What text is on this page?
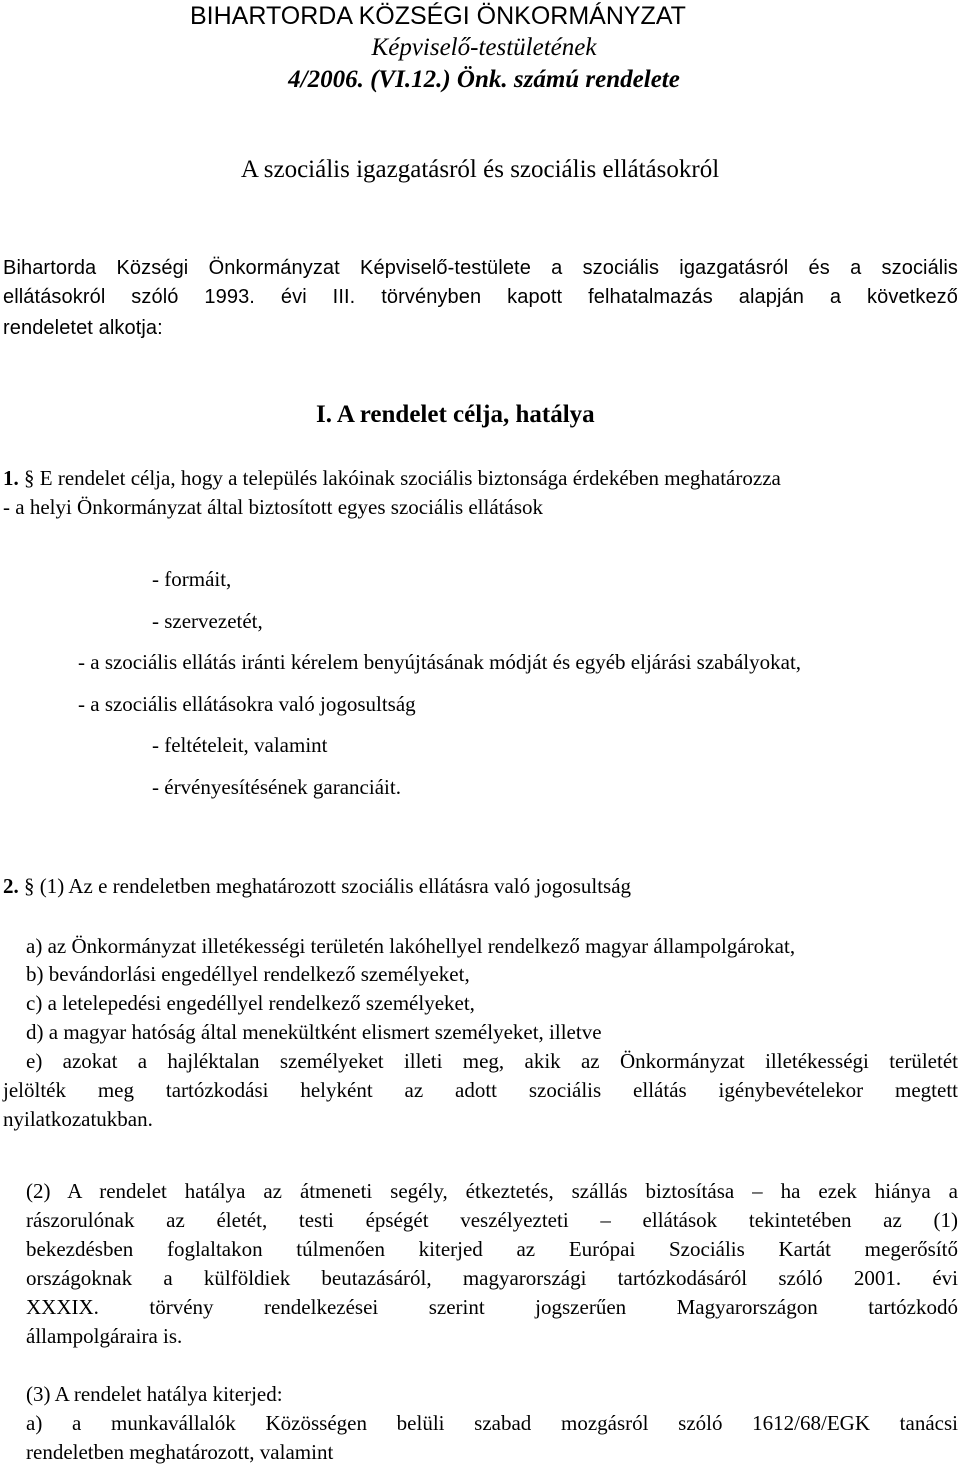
BIHARTORDA KÖZSÉGI ÖNKORMÁNYZAT
Képviselő-testületének
4/2006. (VI.12.) Önk. számú rendelete
A szociális igazgatásról és szociális ellátásokról
Bihartorda Községi Önkormányzat Képviselő-testülete a szociális igazgatásról és a szociális
ellátásokról szóló 1993. évi III. törvényben kapott felhatalmazás alapján a következő
rendeletet alkotja:
I. A rendelet célja, hatálya
1. § E rendelet célja, hogy a település lakóinak szociális biztonsága érdekében meghatározza
- a helyi Önkormányzat által biztosított egyes szociális ellátások
- formáit,
- szervezetét,
- a szociális ellátás iránti kérelem benyújtásának módját és egyéb eljárási szabályokat,
- a szociális ellátásokra való jogosultság
- feltételeit, valamint
- érvényesítésének garanciáit.
2. § (1) Az e rendeletben meghatározott szociális ellátásra való jogosultság
a) az Önkormányzat illetékességi területén lakóhellyel rendelkező magyar állampolgárokat,
b) bevándorlási engedéllyel rendelkező személyeket,
c) a letelepedési engedéllyel rendelkező személyeket,
d) a magyar hatóság által menekültként elismert személyeket, illetve
e) azokat a hajléktalan személyeket illeti meg, akik az Önkormányzat illetékességi területét
jelölték meg tartózkodási helyként az adott szociális ellátás igénybevételekor megtett
nyilatkozatukban.
(2) A rendelet hatálya az átmeneti segély, étkeztetés, szállás biztosítása – ha ezek hiánya a
rászorulónak az életét, testi épségét veszélyezteti – ellátások tekintetében az (1)
bekezdésben foglaltakon túlmenően kiterjed az Európai Szociális Kartát megerősítő
országoknak a külföldiek beutazásáról, magyarországi tartózkodásáról szóló 2001. évi
XXXIX. törvény rendelkezései szerint jogszerűen Magyarországon tartózkodó
állampolgáraira is.
(3) A rendelet hatálya kiterjed:
a) a munkavállalók Közösségen belüli szabad mozgásról szóló 1612/68/EGK tanácsi
rendeletben meghatározott, valamint
